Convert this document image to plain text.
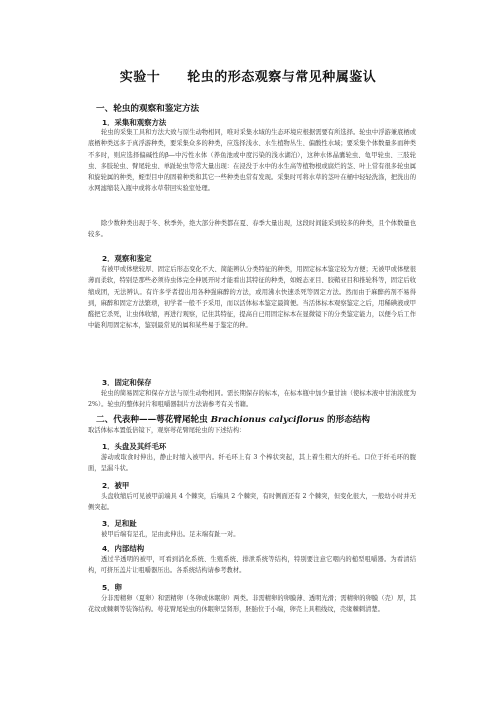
实验十　　轮虫的形态观察与常见种属鉴认
一、轮虫的观察和鉴定方法
1．采集和观察方法
轮虫的采集工具和方法大致与原生动物相同，唯对采集水域的生态环境应根据需要有所选择。轮虫中浮游兼底栖或底栖种类远多于真浮游种类，要采集众多的种类，应选择浅水、水生植物丛生、偏酸性水域；要采集个体数量多而种类不多时，则应选择偏碱性的β—中污性水体（养鱼池或中度污染的浅水湖泊），这种水体晶囊轮虫、龟甲轮虫、三肢轮虫、多肢轮虫、臂尾轮虫、单趾轮虫等常大量出现：在浸没于水中的水生高等植物根或腐烂的茎、叶上常有很多轮虫属和旋轮属的种类，蛭型目中的固着种类和其它一些种类也常有发现。采集时可将水草的茎叶在桶中轻轻洗涤，把洗出的水网滤缩装入瓶中或将水草带回实验室处理。
除少数种类出现于冬、秋季外，绝大部分种类都在夏、春季大量出现，这段时间能采到较多的种类，且个体数量也较多。
2．观察和鉴定
有被甲或体壁较厚、固定后形态变化不大、简能辨认分类特征的种类，用固定标本鉴定较为方便；无被甲或体壁很薄而柔软，特别是那些必须待虫体完全伸展开时才能看出其特征的种类，如蛭态亚目、胶鞘亚目和推轮科等，固定后收缩成团，无法辨认。有许多学者提出用各种强麻醉的方法，或用沸水快速杀死等固定方法。然而由于麻醉药剂不易得到，麻醉和固定方法繁琐，初学者一般不予采用，而以活体标本鉴定最简便。当活体标本观察鉴定之后，用稀碘液或甲醛把它杀死，让虫体收缩，再进行观察，记住其特征，提高自已用固定标本在显微镜下的分类鉴定能力，以便今后工作中能利用固定标本，鉴别最常见的属和某些易于鉴定的种。
3．固定和保存
轮虫的简易固定和保存方法与原生动物相同。需长期保存的标本，在标本瓶中加少量甘油（使标本液中甘油浓度为 2%）。轮虫的整体封片和咀嚼器制片方法请参考有关书籍。
二、代表种——萼花臂尾轮虫 Brachionus calyciflorus 的形态结构
取活体标本置低倍镜下，观察萼花臂尾轮虫的下述结构：
1．头盘及其纤毛环
游动或取食时伸出，静止时缩入被甲内。纤毛环上有 3 个棒状突起，其上着生粗大的纤毛。口位于纤毛环的腹面，呈漏斗状。
2．被甲
头盘收缩后可见被甲前端具 4 个棘突，后端具 2 个棘突，有时侧面还有 2 个棘突，但变化很大，一般幼小时并无侧突起。
3．足和趾
被甲后端有足孔，足由此伸出。足末端有趾一对。
4．内部结构
透过半透明的被甲，可看到消化系统、生殖系统、排泄系统等结构，特别要注意它咽内的槌型咀嚼器。为看清结构，可挤压盖片让咀嚼器压出。各系统结构请参考教材。
5．卵
分非需精卵（夏卵）和需精卵（冬卵或休眠卵）两类。非需精卵的卵膜薄、透明光滑；需精卵的卵膜（壳）厚，其花纹或棘刺等装饰结构。萼花臂尾轮虫的休眠卵呈肾形，胚胎位于小端，卵壳上具粗线纹，壳缘棘刺清楚。
